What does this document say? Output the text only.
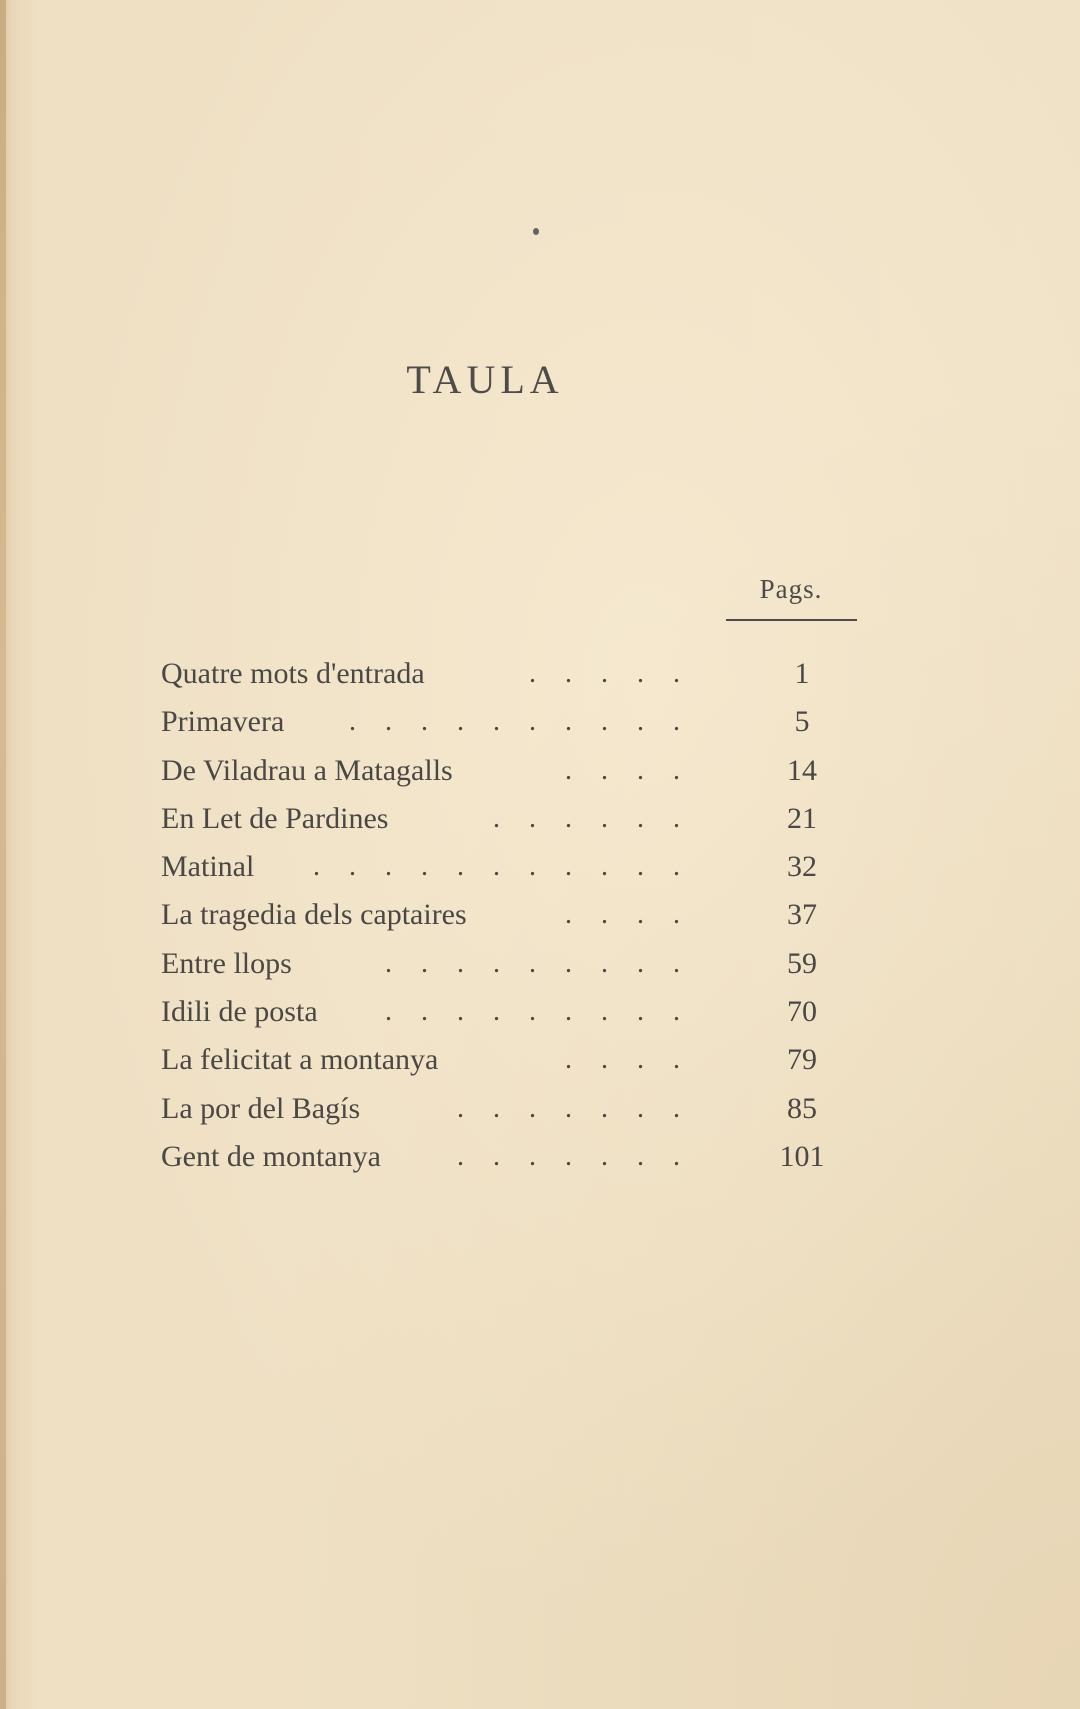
TAULA
Pags.
Quatre mots d'entrada	. . . . .	1
Primavera . . . . . . . . . .	5
De Viladrau a Matagalls	. . . .	14
En Let de Pardines	. . . . . .	21
Matinal . . . . . . . . . . .	32
La tragedia dels captaires	. . . .	37
Entre llops	. . . . . . . . .	59
Idili de posta . . . . . . . . .	70
La felicitat a montanya	. . . .	79
La por del Bagís	. . . . . . .	85
Gent de montanya	. . . . . . .	101
